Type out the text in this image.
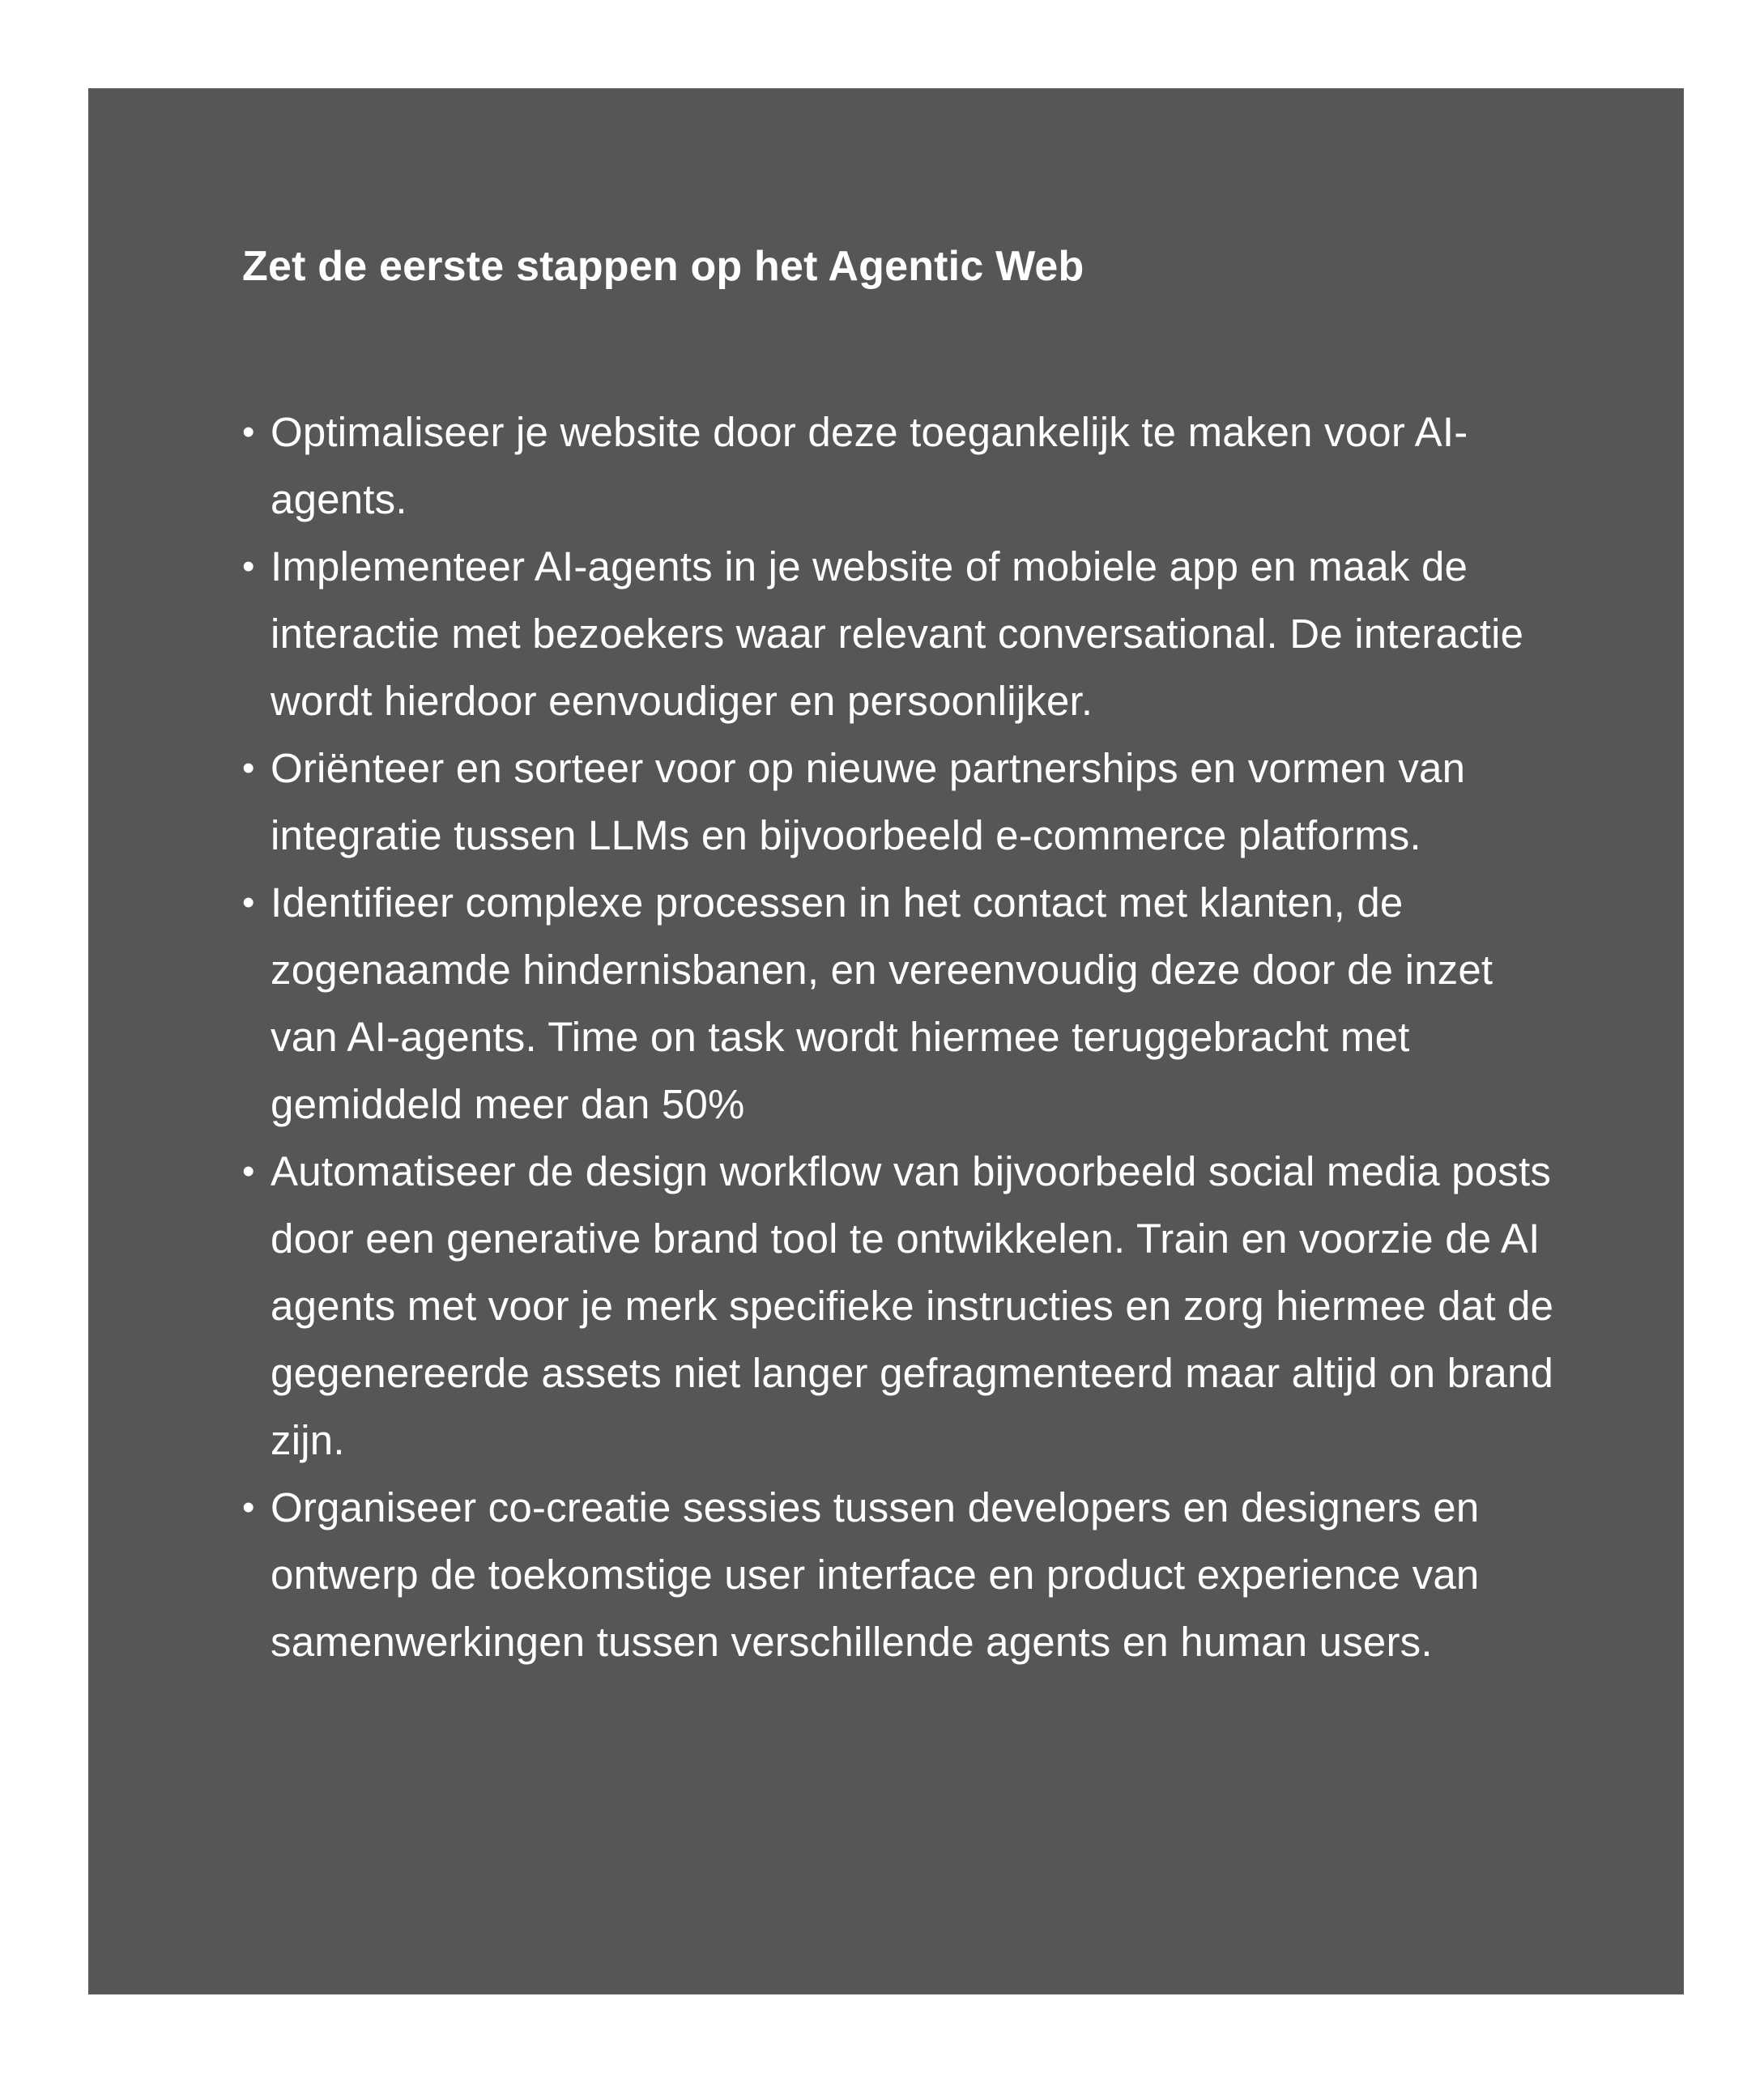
Zet de eerste stappen op het Agentic Web
• Optimaliseer je website door deze toegankelijk te maken voor AI-agents.
• Implementeer AI-agents in je website of mobiele app en maak de interactie met bezoekers waar relevant conversational. De interactie wordt hierdoor eenvoudiger en persoonlijker.
• Oriënteer en sorteer voor op nieuwe partnerships en vormen van integratie tussen LLMs en bijvoorbeeld e-commerce platforms.
• Identifieer complexe processen in het contact met klanten, de zogenaamde hindernisbanen, en vereenvoudig deze door de inzet van AI-agents. Time on task wordt hiermee teruggebracht met gemiddeld meer dan 50%
• Automatiseer de design workflow van bijvoorbeeld social media posts door een generative brand tool te ontwikkelen. Train en voorzie de AI agents met voor je merk specifieke instructies en zorg hiermee dat de gegenereerde assets niet langer gefragmenteerd maar altijd on brand zijn.
• Organiseer co-creatie sessies tussen developers en designers en ontwerp de toekomstige user interface en product experience van samenwerkingen tussen verschillende agents en human users.
